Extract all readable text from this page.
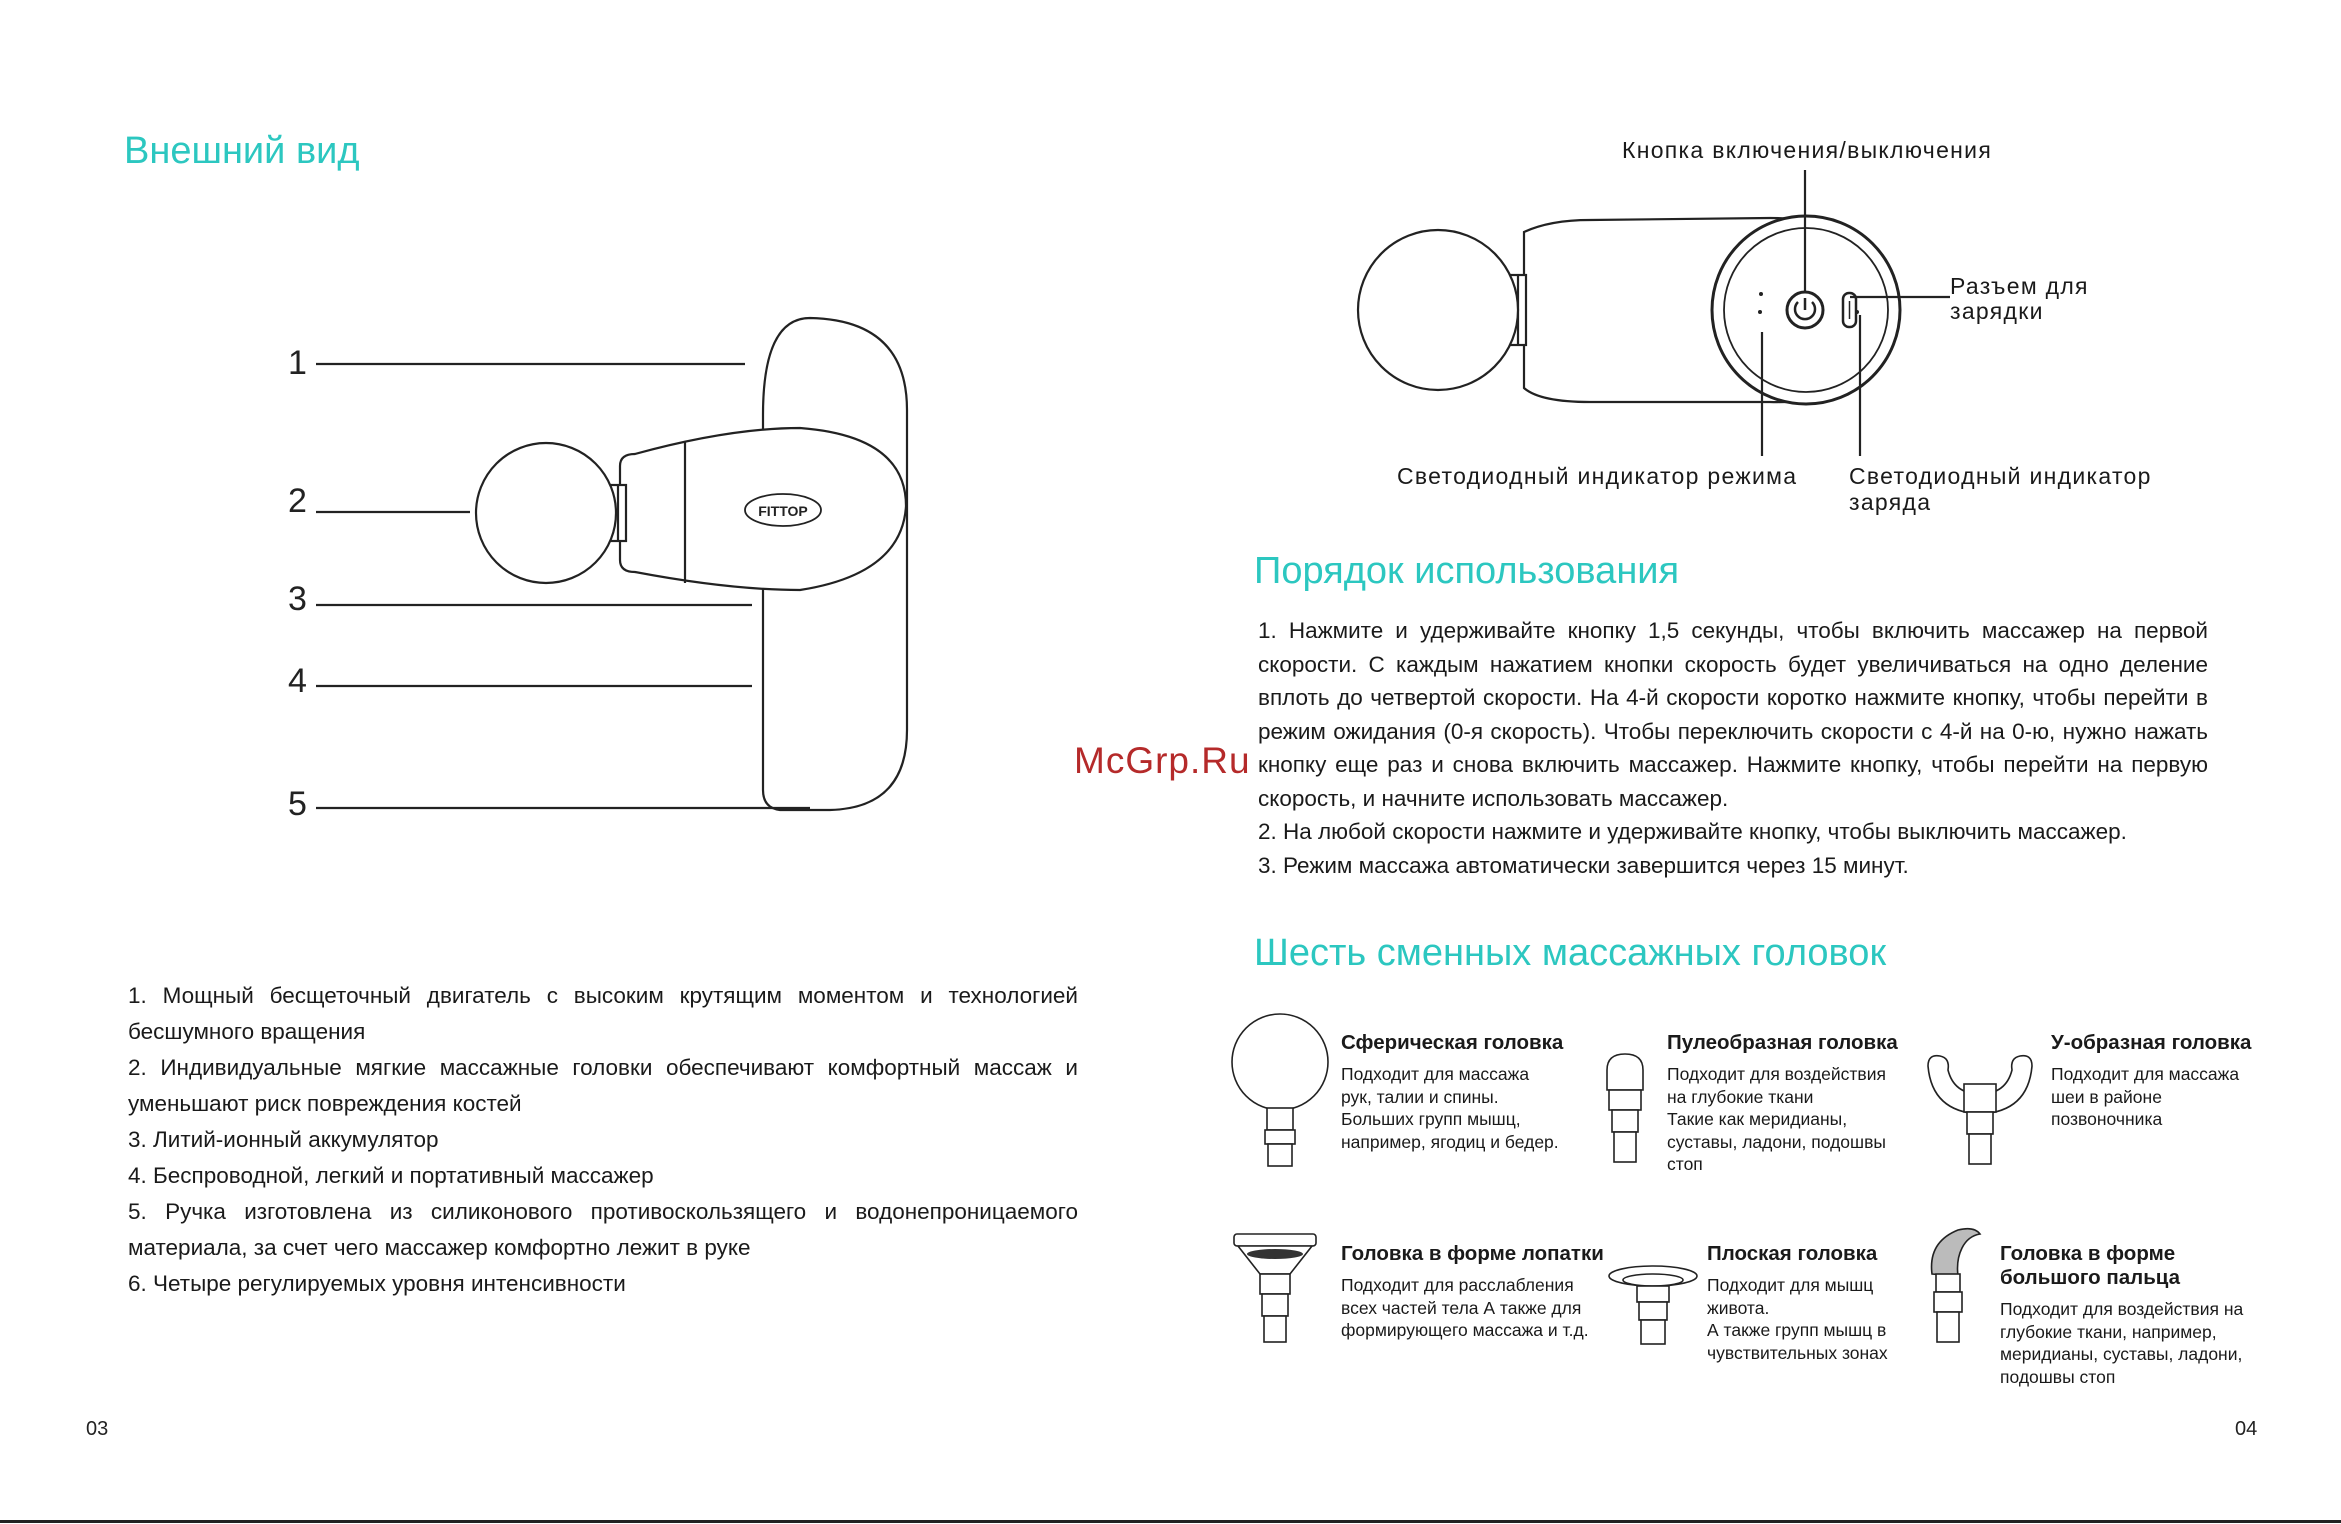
Внешний вид
FITTOP
1
2
3
4
5
1. Мощный бесщеточный двигатель с высоким крутящим моментом и технологией бесшумного вращения
2. Индивидуальные мягкие массажные головки обеспечивают комфортный массаж и уменьшают риск повреждения костей
3. Литий-ионный аккумулятор
4. Беспроводной, легкий и портативный массажер
5. Ручка изготовлена из силиконового противоскользящего и водонепроницаемого материала, за счет чего массажер комфортно лежит в руке
6. Четыре регулируемых уровня интенсивности
03
Кнопка включения/выключения
Разъем для
зарядки
Светодиодный индикатор режима Светодиодный индикатор
заряда
Порядок использования
1. Нажмите и удерживайте кнопку 1,5 секунды, чтобы включить массажер на первой скорости. С каждым нажатием кнопки скорость будет увеличиваться на одно деление вплоть до четвертой скорости. На 4-й скорости коротко нажмите кнопку, чтобы перейти в режим ожидания (0-я скорость). Чтобы переключить скорости с 4-й на 0-ю, нужно нажать кнопку еще раз и снова включить массажер. Нажмите кнопку, чтобы перейти на первую скорость, и начните использовать массажер.
2. На любой скорости нажмите и удерживайте кнопку, чтобы выключить массажер.
3. Режим массажа автоматически завершится через 15 минут.
Шесть сменных массажных головок
Сферическая головка
Подходит для массажа
рук, талии и спины.
Больших групп мышц,
например, ягодиц и бедер.
Пулеобразная головка
Подходит для воздействия
на глубокие ткани
Такие как меридианы,
суставы, ладони, подошвы
стоп
У-образная головка
Подходит для массажа
шеи в районе
позвоночника
Головка в форме лопатки
Подходит для расслабления
всех частей тела А также для
формирующего массажа и т.д.
Плоская головка
Подходит для мышц
живота.
А также групп мышц в
чувствительных зонах
Головка в форме
большого пальца
Подходит для воздействия на
глубокие ткани, например,
меридианы, суставы, ладони,
подошвы стоп
04
McGrp.Ru
